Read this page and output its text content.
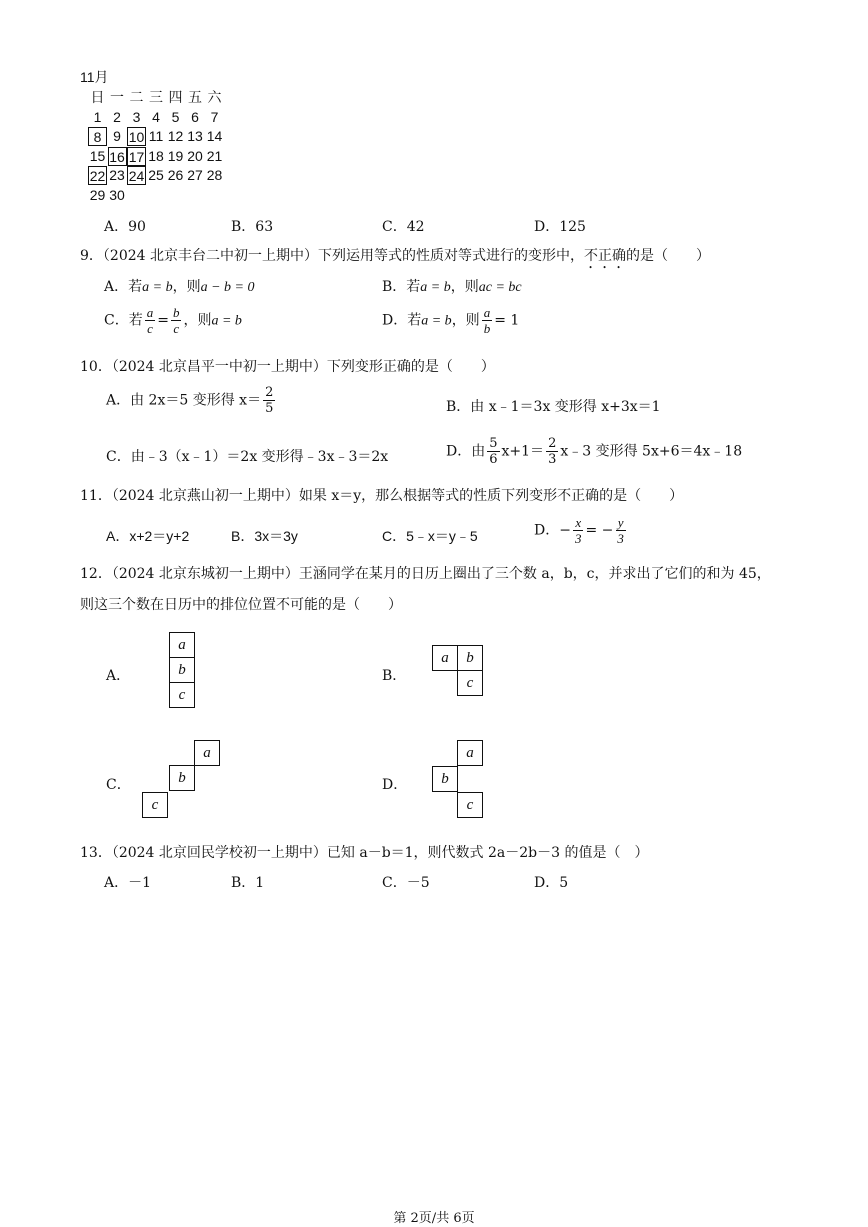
11月
日 一 二 三 四 五 六
1 2 3 4 5 6 7
8 9 10 11 12 13 14
15 16 17 18 19 20 21
22 23 24 25 26 27 28
29 30
A．90	B．63	C．42	D．125
9．（2024 北京丰台二中初一上期中）下列运用等式的性质对等式进行的变形中，不正确的是（　　）
A．若a = b，则a − b = 0	B．若a = b，则ac = bc
C．若 $\frac{a}{c} = \frac{b}{c}$ ，则a = b	D．若a = b，则 $\frac{a}{b} = 1$
10．（2024 北京昌平一中初一上期中）下列变形正确的是（　　）
A．由 2x＝5 变形得 $x= \frac{2}{5}$	B．由 x﹣1＝3x 变形得 x+3x＝1
C．由﹣3（x﹣1）＝2x 变形得﹣3x﹣3＝2x	D．由 $\frac{5}{6} x+1= \frac{2}{3}$ x﹣3 变形得 5x+6＝4x﹣18
11．（2024 北京燕山初一上期中）如果 x＝y，那么根据等式的性质下列变形不正确的是（　　）
A．x+2＝y+2	B．3x＝3y	C．5﹣x＝y﹣5	D．− $\frac{x}{3}$ = − $\frac{y}{3}$
12．（2024 北京东城初一上期中）王涵同学在某月的日历上圈出了三个数 a，b，c，并求出了它们的和为 45，
则这三个数在日历中的排位位置不可能的是（　　）
A．
a
b
c
B．
a	b
c
C．
a
b
c
D．
a
b
c
13．（2024 北京回民学校初一上期中）已知 a－b＝1，则代数式 2a－2b－3 的值是（　）
A．－1	B．1	C．－5	D．5
第 2页/共 6页
